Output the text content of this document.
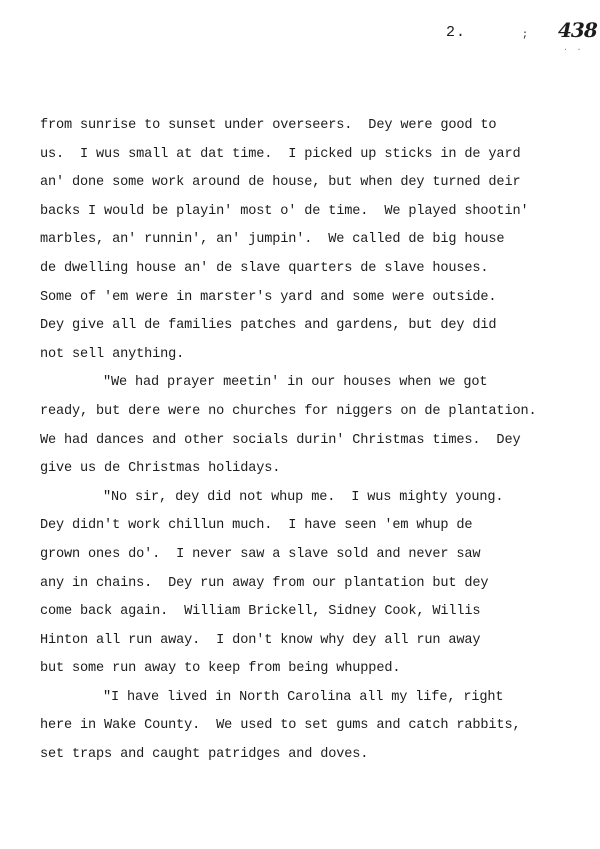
2.	; 438
. .
from sunrise to sunset under overseers.  Dey were good to
us.  I wus small at dat time.  I picked up sticks in de yard
an' done some work around de house, but when dey turned deir
backs I would be playin' most o' de time.  We played shootin'
marbles, an' runnin', an' jumpin'.  We called de big house
de dwelling house an' de slave quarters de slave houses.
Some of 'em were in marster's yard and some were outside.
Dey give all de families patches and gardens, but dey did
not sell anything.
"We had prayer meetin' in our houses when we got
ready, but dere were no churches for niggers on de plantation.
We had dances and other socials durin' Christmas times.  Dey
give us de Christmas holidays.
"No sir, dey did not whup me.  I wus mighty young.
Dey didn't work chillun much.  I have seen 'em whup de
grown ones do'.  I never saw a slave sold and never saw
any in chains.  Dey run away from our plantation but dey
come back again.  William Brickell, Sidney Cook, Willis
Hinton all run away.  I don't know why dey all run away
but some run away to keep from being whupped.
"I have lived in North Carolina all my life, right
here in Wake County.  We used to set gums and catch rabbits,
set traps and caught patridges and doves.
